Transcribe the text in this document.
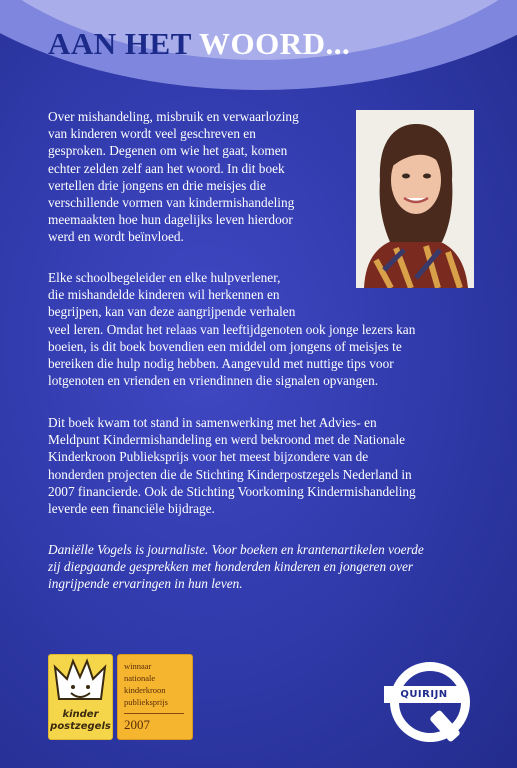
AAN HET WOORD...

Over mishandeling, misbruik en verwaarlozing
van kinderen wordt veel geschreven en
gesproken. Degenen om wie het gaat, komen
echter zelden zelf aan het woord. In dit boek
vertellen drie jongens en drie meisjes die
verschillende vormen van kindermishandeling
meemaakten hoe hun dagelijks leven hierdoor
werd en wordt beïnvloed.

Elke schoolbegeleider en elke hulpverlener,
die mishandelde kinderen wil herkennen en
begrijpen, kan van deze aangrijpende verhalen
veel leren. Omdat het relaas van leeftijdgenoten ook jonge lezers kan
boeien, is dit boek bovendien een middel om jongens of meisjes te
bereiken die hulp nodig hebben. Aangevuld met nuttige tips voor
lotgenoten en vrienden en vriendinnen die signalen opvangen.

Dit boek kwam tot stand in samenwerking met het Advies- en
Meldpunt Kindermishandeling en werd bekroond met de Nationale
Kinderkroon Publieksprijs voor het meest bijzondere van de
honderden projecten die de Stichting Kinderpostzegels Nederland in
2007 financierde. Ook de Stichting Voorkoming Kindermishandeling
leverde een financiële bijdrage.

Daniëlle Vogels is journaliste. Voor boeken en krantenartikelen voerde
zij diepgaande gesprekken met honderden kinderen en jongeren over
ingrijpende ervaringen in hun leven.

kinder
postzegels
winnaar
nationale
kinderkroon
publieksprijs
2007
QUIRIJN
